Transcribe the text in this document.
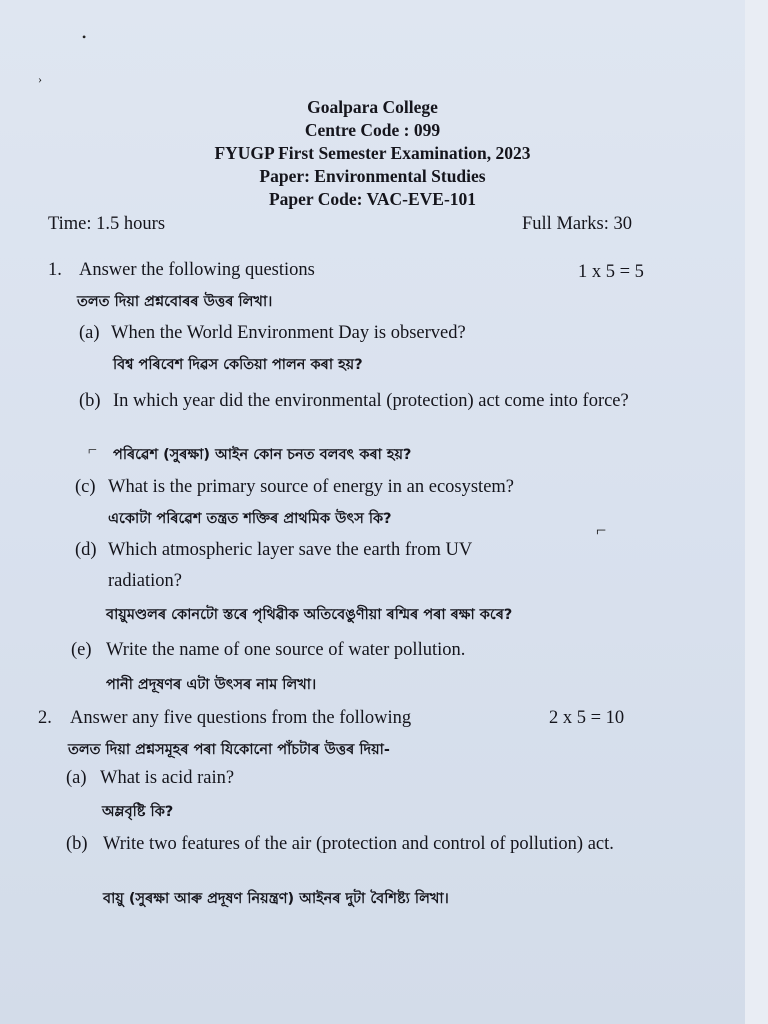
•
›
Goalpara College
Centre Code : 099
FYUGP First Semester Examination, 2023
Paper: Environmental Studies
Paper Code: VAC-EVE-101
Time: 1.5 hours	Full Marks: 30
1. Answer the following questions	1 x 5 = 5
তলত দিয়া প্ৰশ্নবোৰৰ উত্তৰ লিখা।
(a) When the World Environment Day is observed?
বিশ্ব পৰিবেশ দিৱস কেতিয়া পালন কৰা হয়?
(b) In which year did the environmental (protection) act come into force?
⌐ পৰিৱেশ (সুৰক্ষা) আইন কোন চনত বলবৎ কৰা হয়?
(c) What is the primary source of energy in an ecosystem?
একোটা পৰিৱেশ তন্ত্ৰত শক্তিৰ প্ৰাথমিক উৎস কি?
⌐
(d) Which atmospheric layer save the earth from UV
radiation?
বায়ুমণ্ডলৰ কোনটো স্তৰে পৃথিৱীক অতিবেঙুণীয়া ৰশ্মিৰ পৰা ৰক্ষা কৰে?
(e) Write the name of one source of water pollution.
পানী প্ৰদূষণৰ এটা উৎসৰ নাম লিখা।
2. Answer any five questions from the following	2 x 5 = 10
তলত দিয়া প্ৰশ্নসমূহৰ পৰা যিকোনো পাঁচটাৰ উত্তৰ দিয়া-
(a) What is acid rain?
অম্লবৃষ্টি কি?
(b) Write two features of the air (protection and control of pollution) act.
বায়ু (সুৰক্ষা আৰু প্ৰদূষণ নিয়ন্ত্ৰণ) আইনৰ দুটা বৈশিষ্ট্য লিখা।
